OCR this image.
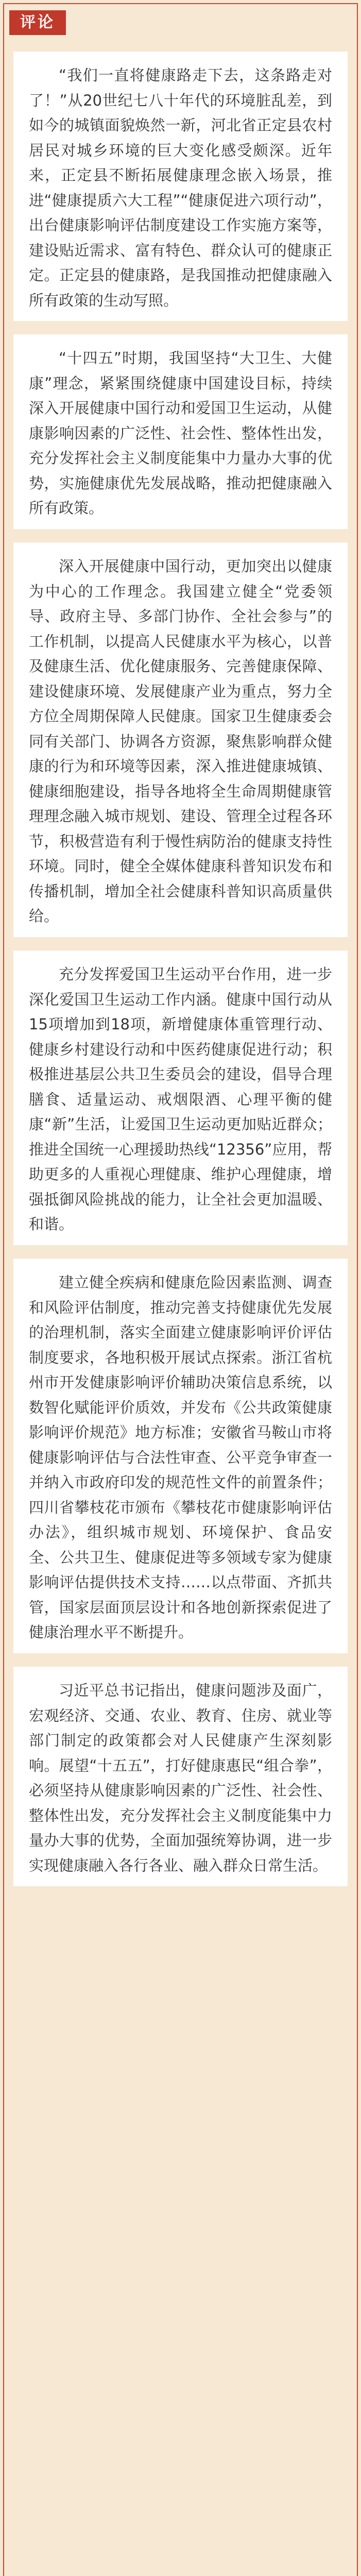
评论

“我们一直将健康路走下去，这条路走对了！”从20世纪七八十年代的环境脏乱差，到如今的城镇面貌焕然一新，河北省正定县农村居民对城乡环境的巨大变化感受颇深。近年来，正定县不断拓展健康理念嵌入场景，推进“健康提质六大工程”“健康促进六项行动”，出台健康影响评估制度建设工作实施方案等，建设贴近需求、富有特色、群众认可的健康正定。正定县的健康路，是我国推动把健康融入所有政策的生动写照。

“十四五”时期，我国坚持“大卫生、大健康”理念，紧紧围绕健康中国建设目标，持续深入开展健康中国行动和爱国卫生运动，从健康影响因素的广泛性、社会性、整体性出发，充分发挥社会主义制度能集中力量办大事的优势，实施健康优先发展战略，推动把健康融入所有政策。

深入开展健康中国行动，更加突出以健康为中心的工作理念。我国建立健全“党委领导、政府主导、多部门协作、全社会参与”的工作机制，以提高人民健康水平为核心，以普及健康生活、优化健康服务、完善健康保障、建设健康环境、发展健康产业为重点，努力全方位全周期保障人民健康。国家卫生健康委会同有关部门、协调各方资源，聚焦影响群众健康的行为和环境等因素，深入推进健康城镇、健康细胞建设，指导各地将全生命周期健康管理理念融入城市规划、建设、管理全过程各环节，积极营造有利于慢性病防治的健康支持性环境。同时，健全全媒体健康科普知识发布和传播机制，增加全社会健康科普知识高质量供给。

充分发挥爱国卫生运动平台作用，进一步深化爱国卫生运动工作内涵。健康中国行动从15项增加到18项，新增健康体重管理行动、健康乡村建设行动和中医药健康促进行动；积极推进基层公共卫生委员会的建设，倡导合理膳食、适量运动、戒烟限酒、心理平衡的健康“新”生活，让爱国卫生运动更加贴近群众；推进全国统一心理援助热线“12356”应用，帮助更多的人重视心理健康、维护心理健康，增强抵御风险挑战的能力，让全社会更加温暖、和谐。

建立健全疾病和健康危险因素监测、调查和风险评估制度，推动完善支持健康优先发展的治理机制，落实全面建立健康影响评价评估制度要求，各地积极开展试点探索。浙江省杭州市开发健康影响评价辅助决策信息系统，以数智化赋能评价质效，并发布《公共政策健康影响评价规范》地方标准；安徽省马鞍山市将健康影响评估与合法性审查、公平竞争审查一并纳入市政府印发的规范性文件的前置条件；四川省攀枝花市颁布《攀枝花市健康影响评估办法》，组织城市规划、环境保护、食品安全、公共卫生、健康促进等多领域专家为健康影响评估提供技术支持……以点带面、齐抓共管，国家层面顶层设计和各地创新探索促进了健康治理水平不断提升。

习近平总书记指出，健康问题涉及面广，宏观经济、交通、农业、教育、住房、就业等部门制定的政策都会对人民健康产生深刻影响。展望“十五五”，打好健康惠民“组合拳”，必须坚持从健康影响因素的广泛性、社会性、整体性出发，充分发挥社会主义制度能集中力量办大事的优势，全面加强统筹协调，进一步实现健康融入各行各业、融入群众日常生活。
